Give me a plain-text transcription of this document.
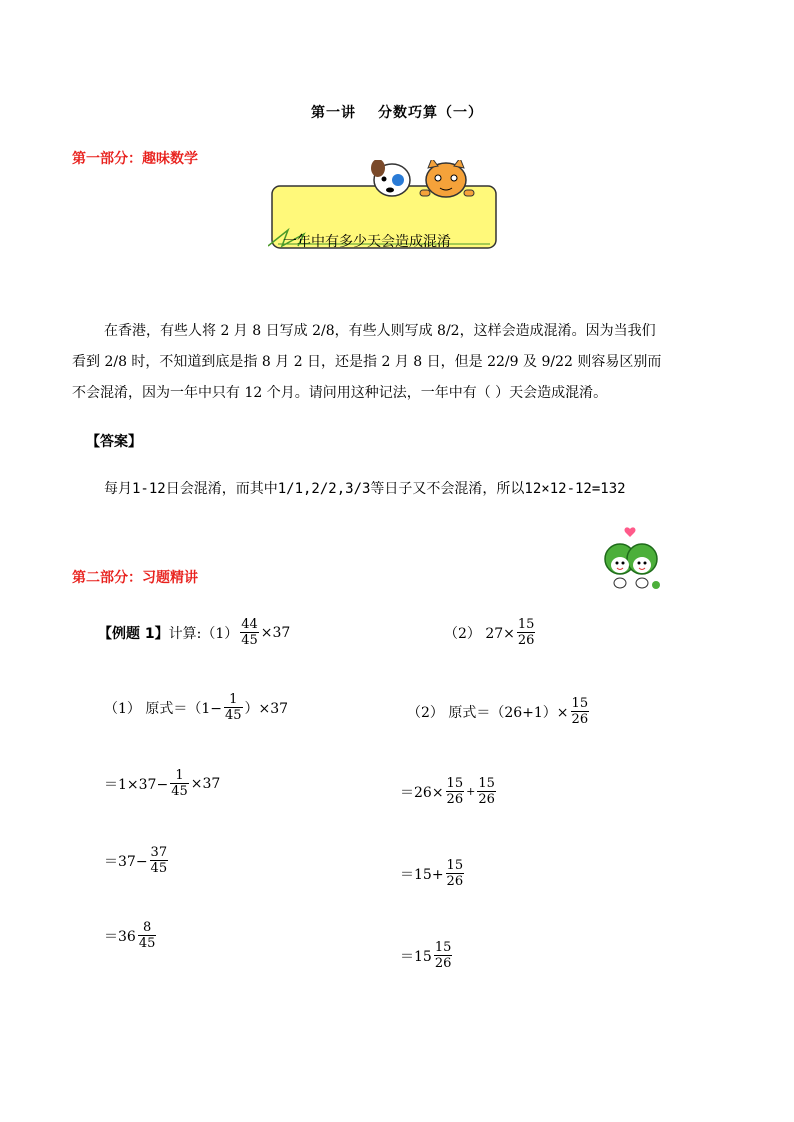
第一讲 分数巧算（一）
第一部分：趣味数学
一年中有多少天会造成混淆
在香港，有些人将 2 月 8 日写成 2/8，有些人则写成 8/2，这样会造成混淆。因为当我们
看到 2/8 时，不知道到底是指 8 月 2 日，还是指 2 月 8 日，但是 22/9 及 9/22 则容易区别而
不会混淆，因为一年中只有 12 个月。请问用这种记法，一年中有（ ）天会造成混淆。
【答案】
每月1-12日会混淆，而其中1/1,2/2,3/3等日子又不会混淆，所以12×12-12=132
第二部分：习题精讲
【例题 1】 计算:（1） $\frac{44}{45} \times 37$	（2） $27\times \frac{15}{26}$
（1） 原式$=(1- \frac{1}{45} )\times 37$
$=1\times 37- \frac{1}{45} \times 37$
$=37- \frac{37}{45}$
$=36 \frac{8}{45}$
（2） 原式$=(26+1)\times \frac{15}{26}$
$=26\times \frac{15}{26} + \frac{15}{26}$
$=15+ \frac{15}{26}$
$=15 \frac{15}{26}$
